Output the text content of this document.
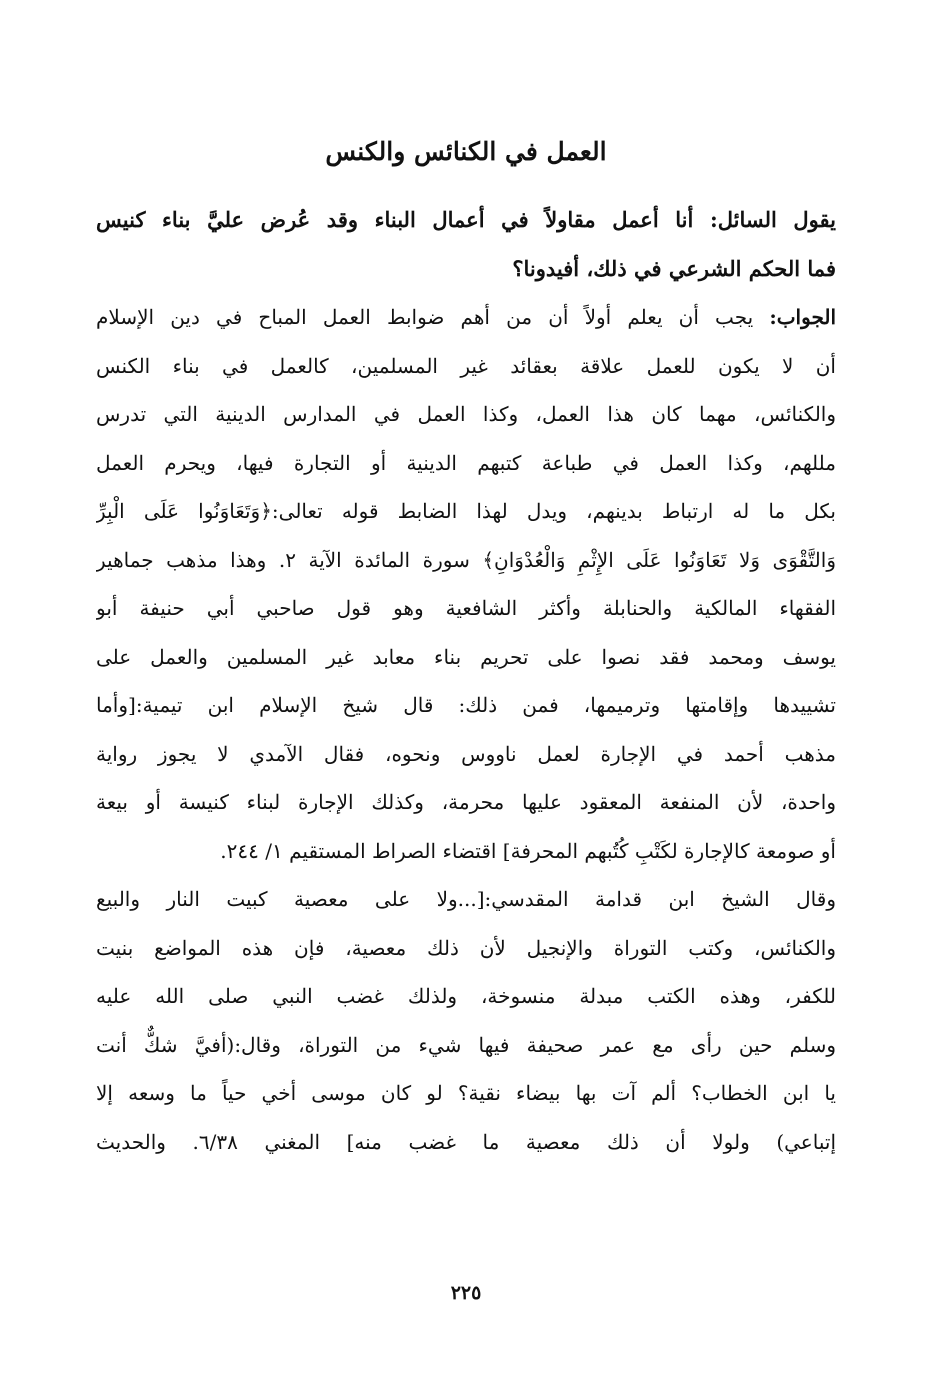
العمل في الكنائس والكنس
يقول السائل: أنا أعمل مقاولاً في أعمال البناء وقد عُرض عليَّ بناء كنيس
فما الحكم الشرعي في ذلك، أفيدونا؟
الجواب: يجب أن يعلم أولاً أن من أهم ضوابط العمل المباح في دين الإسلام
أن لا يكون للعمل علاقة بعقائد غير المسلمين، كالعمل في بناء الكنس
والكنائس، مهما كان هذا العمل، وكذا العمل في المدارس الدينية التي تدرس
مللهم، وكذا العمل في طباعة كتبهم الدينية أو التجارة فيها، ويحرم العمل
بكل ما له ارتباط بدينهم، ويدل لهذا الضابط قوله تعالى:﴿وَتَعَاوَنُوا عَلَى الْبِرِّ
وَالتَّقْوَى وَلا تَعَاوَنُوا عَلَى الإِثْمِ وَالْعُدْوَانِ﴾ سورة المائدة الآية ٢. وهذا مذهب جماهير
الفقهاء المالكية والحنابلة وأكثر الشافعية وهو قول صاحبي أبي حنيفة أبو
يوسف ومحمد فقد نصوا على تحريم بناء معابد غير المسلمين والعمل على
تشييدها وإقامتها وترميمها، فمن ذلك: قال شيخ الإسلام ابن تيمية:[وأما
مذهب أحمد في الإجارة لعمل ناووس ونحوه، فقال الآمدي لا يجوز رواية
واحدة، لأن المنفعة المعقود عليها محرمة، وكذلك الإجارة لبناء كنيسة أو بيعة
أو صومعة كالإجارة لكَتْبِ كُتُبهم المحرفة] اقتضاء الصراط المستقيم ١/ ٢٤٤.
وقال الشيخ ابن قدامة المقدسي:[...ولا على معصية كبيت النار والبيع
والكنائس، وكتب التوراة والإنجيل لأن ذلك معصية، فإن هذه المواضع بنيت
للكفر، وهذه الكتب مبدلة منسوخة، ولذلك غضب النبي صلى الله عليه
وسلم حين رأى مع عمر صحيفة فيها شيء من التوراة، وقال:(أفيَّ شكٌّ أنت
يا ابن الخطاب؟ ألم آت بها بيضاء نقية؟ لو كان موسى أخي حياً ما وسعه إلا
إتباعي) ولولا أن ذلك معصية ما غضب منه] المغني ٦/٣٨. والحديث
٢٢٥
